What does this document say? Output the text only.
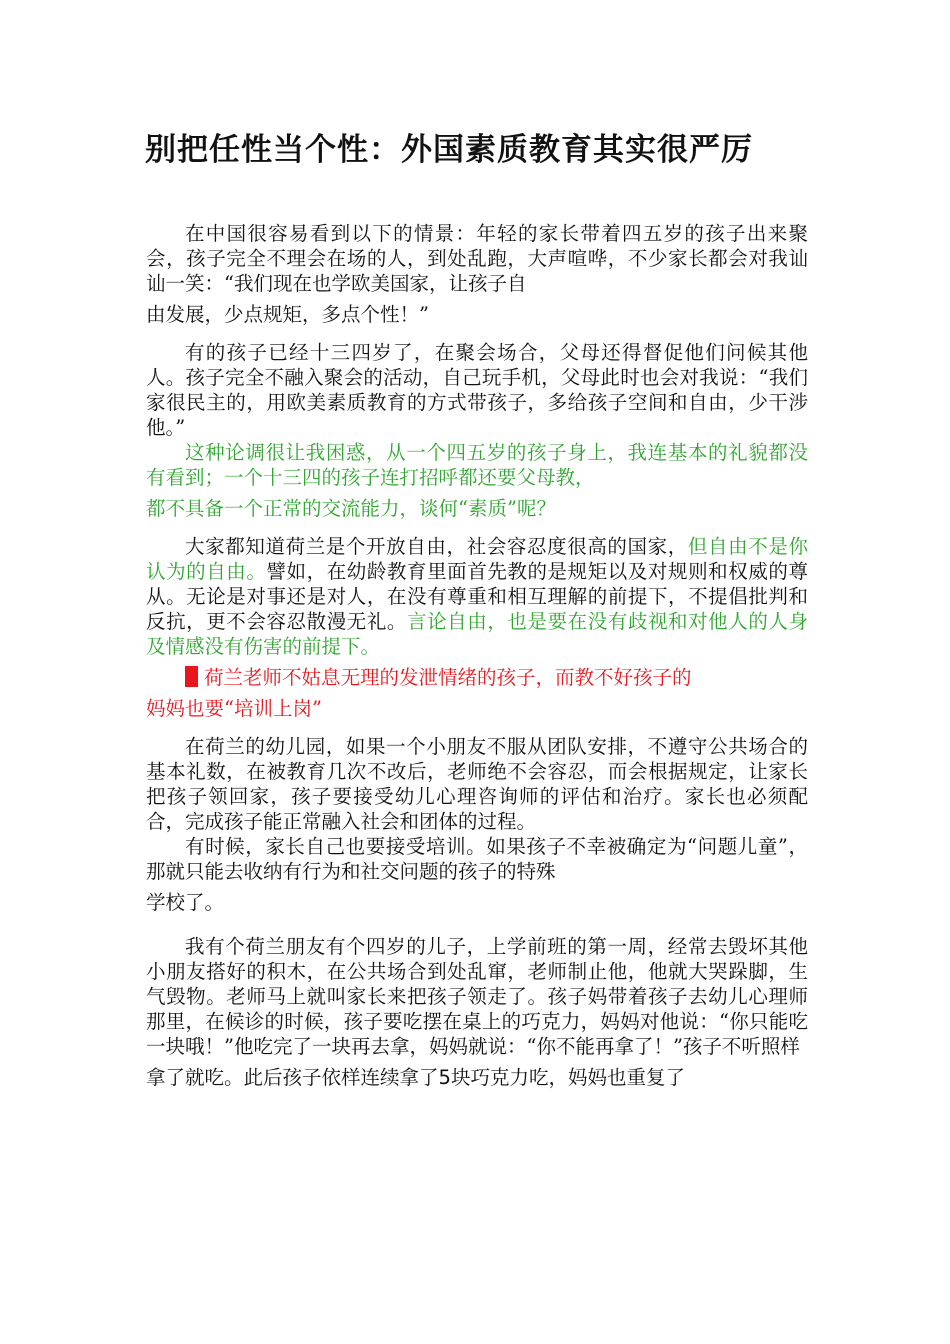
别把任性当个性：外国素质教育其实很严厉

在中国很容易看到以下的情景：年轻的家长带着四五岁的孩子出来聚会，孩子完全不理会在场的人，到处乱跑，大声喧哗，不少家长都会对我讪讪一笑：“我们现在也学欧美国家，让孩子自
由发展，少点规矩，多点个性！”

有的孩子已经十三四岁了，在聚会场合，父母还得督促他们问候其他人。孩子完全不融入聚会的活动，自己玩手机，父母此时也会对我说：“我们家很民主的，用欧美素质教育的方式带孩子，多给孩子空间和自由，少干涉他。”

这种论调很让我困惑，从一个四五岁的孩子身上，我连基本的礼貌都没有看到；一个十三四的孩子连打招呼都还要父母教，
都不具备一个正常的交流能力，谈何“素质”呢？

大家都知道荷兰是个开放自由，社会容忍度很高的国家，但自由不是你认为的自由。譬如，在幼龄教育里面首先教的是规矩以及对规则和权威的尊从。无论是对事还是对人，在没有尊重和相互理解的前提下，不提倡批判和反抗，更不会容忍散漫无礼。言论自由，也是要在没有歧视和对他人的人身及情感没有伤害的前提下。

荷兰老师不姑息无理的发泄情绪的孩子，而教不好孩子的
妈妈也要“培训上岗”

在荷兰的幼儿园，如果一个小朋友不服从团队安排，不遵守公共场合的基本礼数，在被教育几次不改后，老师绝不会容忍，而会根据规定，让家长把孩子领回家，孩子要接受幼儿心理咨询师的评估和治疗。家长也必须配合，完成孩子能正常融入社会和团体的过程。

有时候，家长自己也要接受培训。如果孩子不幸被确定为“问题儿童”，那就只能去收纳有行为和社交问题的孩子的特殊
学校了。

我有个荷兰朋友有个四岁的儿子，上学前班的第一周，经常去毁坏其他小朋友搭好的积木，在公共场合到处乱窜，老师制止他，他就大哭跺脚，生气毁物。老师马上就叫家长来把孩子领走了。孩子妈带着孩子去幼儿心理师那里，在候诊的时候，孩子要吃摆在桌上的巧克力，妈妈对他说：“你只能吃一块哦！”他吃完了一块再去拿，妈妈就说：“你不能再拿了！”孩子不听照样
拿了就吃。此后孩子依样连续拿了5块巧克力吃，妈妈也重复了
